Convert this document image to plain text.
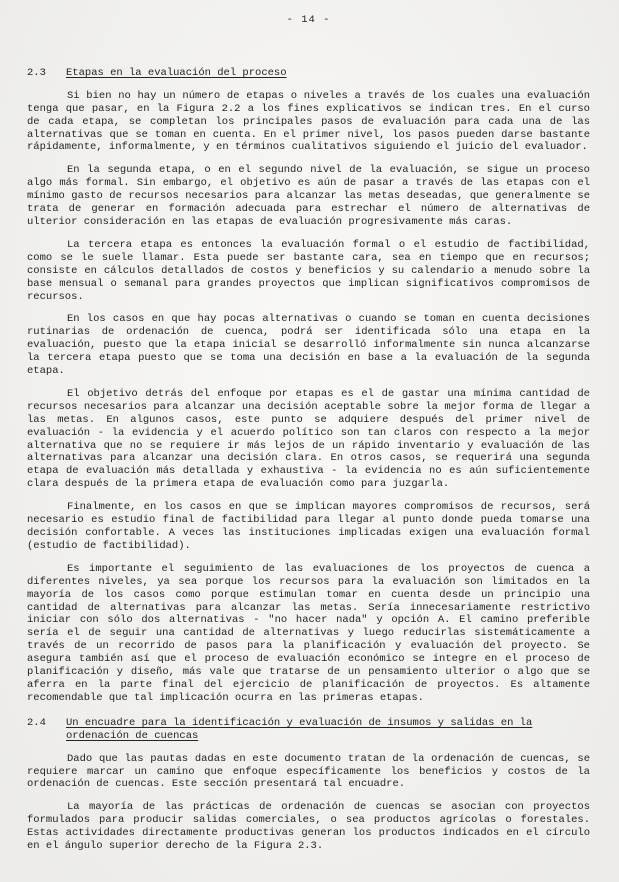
- 14 -
2.3	Etapas en la evaluación del proceso

Si bien no hay un número de etapas o niveles a través de los cuales una evaluación tenga que pasar, en la Figura 2.2 a los fines explicativos se indican tres. En el curso de cada etapa, se completan los principales pasos de evaluación para cada una de las alternativas que se toman en cuenta. En el primer nivel, los pasos pueden darse bastante rápidamente, informalmente, y en términos cualitativos siguiendo el juicio del evaluador.

En la segunda etapa, o en el segundo nivel de la evaluación, se sigue un proceso algo más formal. Sin embargo, el objetivo es aún de pasar a través de las etapas con el mínimo gasto de recursos necesarios para alcanzar las metas deseadas, que generalmente se trata de generar en formación adecuada para estrechar el número de alternativas de ulterior consideración en las etapas de evaluación progresivamente más caras.

La tercera etapa es entonces la evaluación formal o el estudio de factibilidad, como se le suele llamar. Esta puede ser bastante cara, sea en tiempo que en recursos; consiste en cálculos detallados de costos y beneficios y su calendario a menudo sobre la base mensual o semanal para grandes proyectos que implican significativos compromisos de recursos.

En los casos en que hay pocas alternativas o cuando se toman en cuenta decisiones rutinarias de ordenación de cuenca, podrá ser identificada sólo una etapa en la evaluación, puesto que la etapa inicial se desarrolló informalmente sin nunca alcanzarse la tercera etapa puesto que se toma una decisión en base a la evaluación de la segunda etapa.

El objetivo detrás del enfoque por etapas es el de gastar una mínima cantidad de recursos necesarios para alcanzar una decisión aceptable sobre la mejor forma de llegar a las metas. En algunos casos, este punto se adquiere después del primer nivel de evaluación - la evidencia y el acuerdo político son tan claros con respecto a la mejor alternativa que no se requiere ir más lejos de un rápido inventario y evaluación de las alternativas para alcanzar una decisión clara. En otros casos, se requerirá una segunda etapa de evaluación más detallada y exhaustiva - la evidencia no es aún suficientemente clara después de la primera etapa de evaluación como para juzgarla.

Finalmente, en los casos en que se implican mayores compromisos de recursos, será necesario es estudio final de factibilidad para llegar al punto donde pueda tomarse una decisión confortable. A veces las instituciones implicadas exigen una evaluación formal (estudio de factibilidad).

Es importante el seguimiento de las evaluaciones de los proyectos de cuenca a diferentes niveles, ya sea porque los recursos para la evaluación son limitados en la mayoría de los casos como porque estimulan tomar en cuenta desde un principio una cantidad de alternativas para alcanzar las metas. Sería innecesariamente restrictivo iniciar con sólo dos alternativas - "no hacer nada" y opción A. El camino preferible sería el de seguir una cantidad de alternativas y luego reducirlas sistemáticamente a través de un recorrido de pasos para la planificación y evaluación del proyecto. Se asegura también así que el proceso de evaluación económico se integre en el proceso de planificación y diseño, más vale que tratarse de un pensamiento ulterior o algo que se aferra en la parte final del ejercicio de planificación de proyectos. Es altamente recomendable que tal implicación ocurra en las primeras etapas.

2.4	Un encuadre para la identificación y evaluación de insumos y salidas en la ordenación de cuencas

Dado que las pautas dadas en este documento tratan de la ordenación de cuencas, se requiere marcar un camino que enfoque específicamente los beneficios y costos de la ordenación de cuencas. Este sección presentará tal encuadre.

La mayoría de las prácticas de ordenación de cuencas se asocian con proyectos formulados para producir salidas comerciales, o sea productos agrícolas o forestales. Estas actividades directamente productivas generan los productos indicados en el círculo en el ángulo superior derecho de la Figura 2.3.
